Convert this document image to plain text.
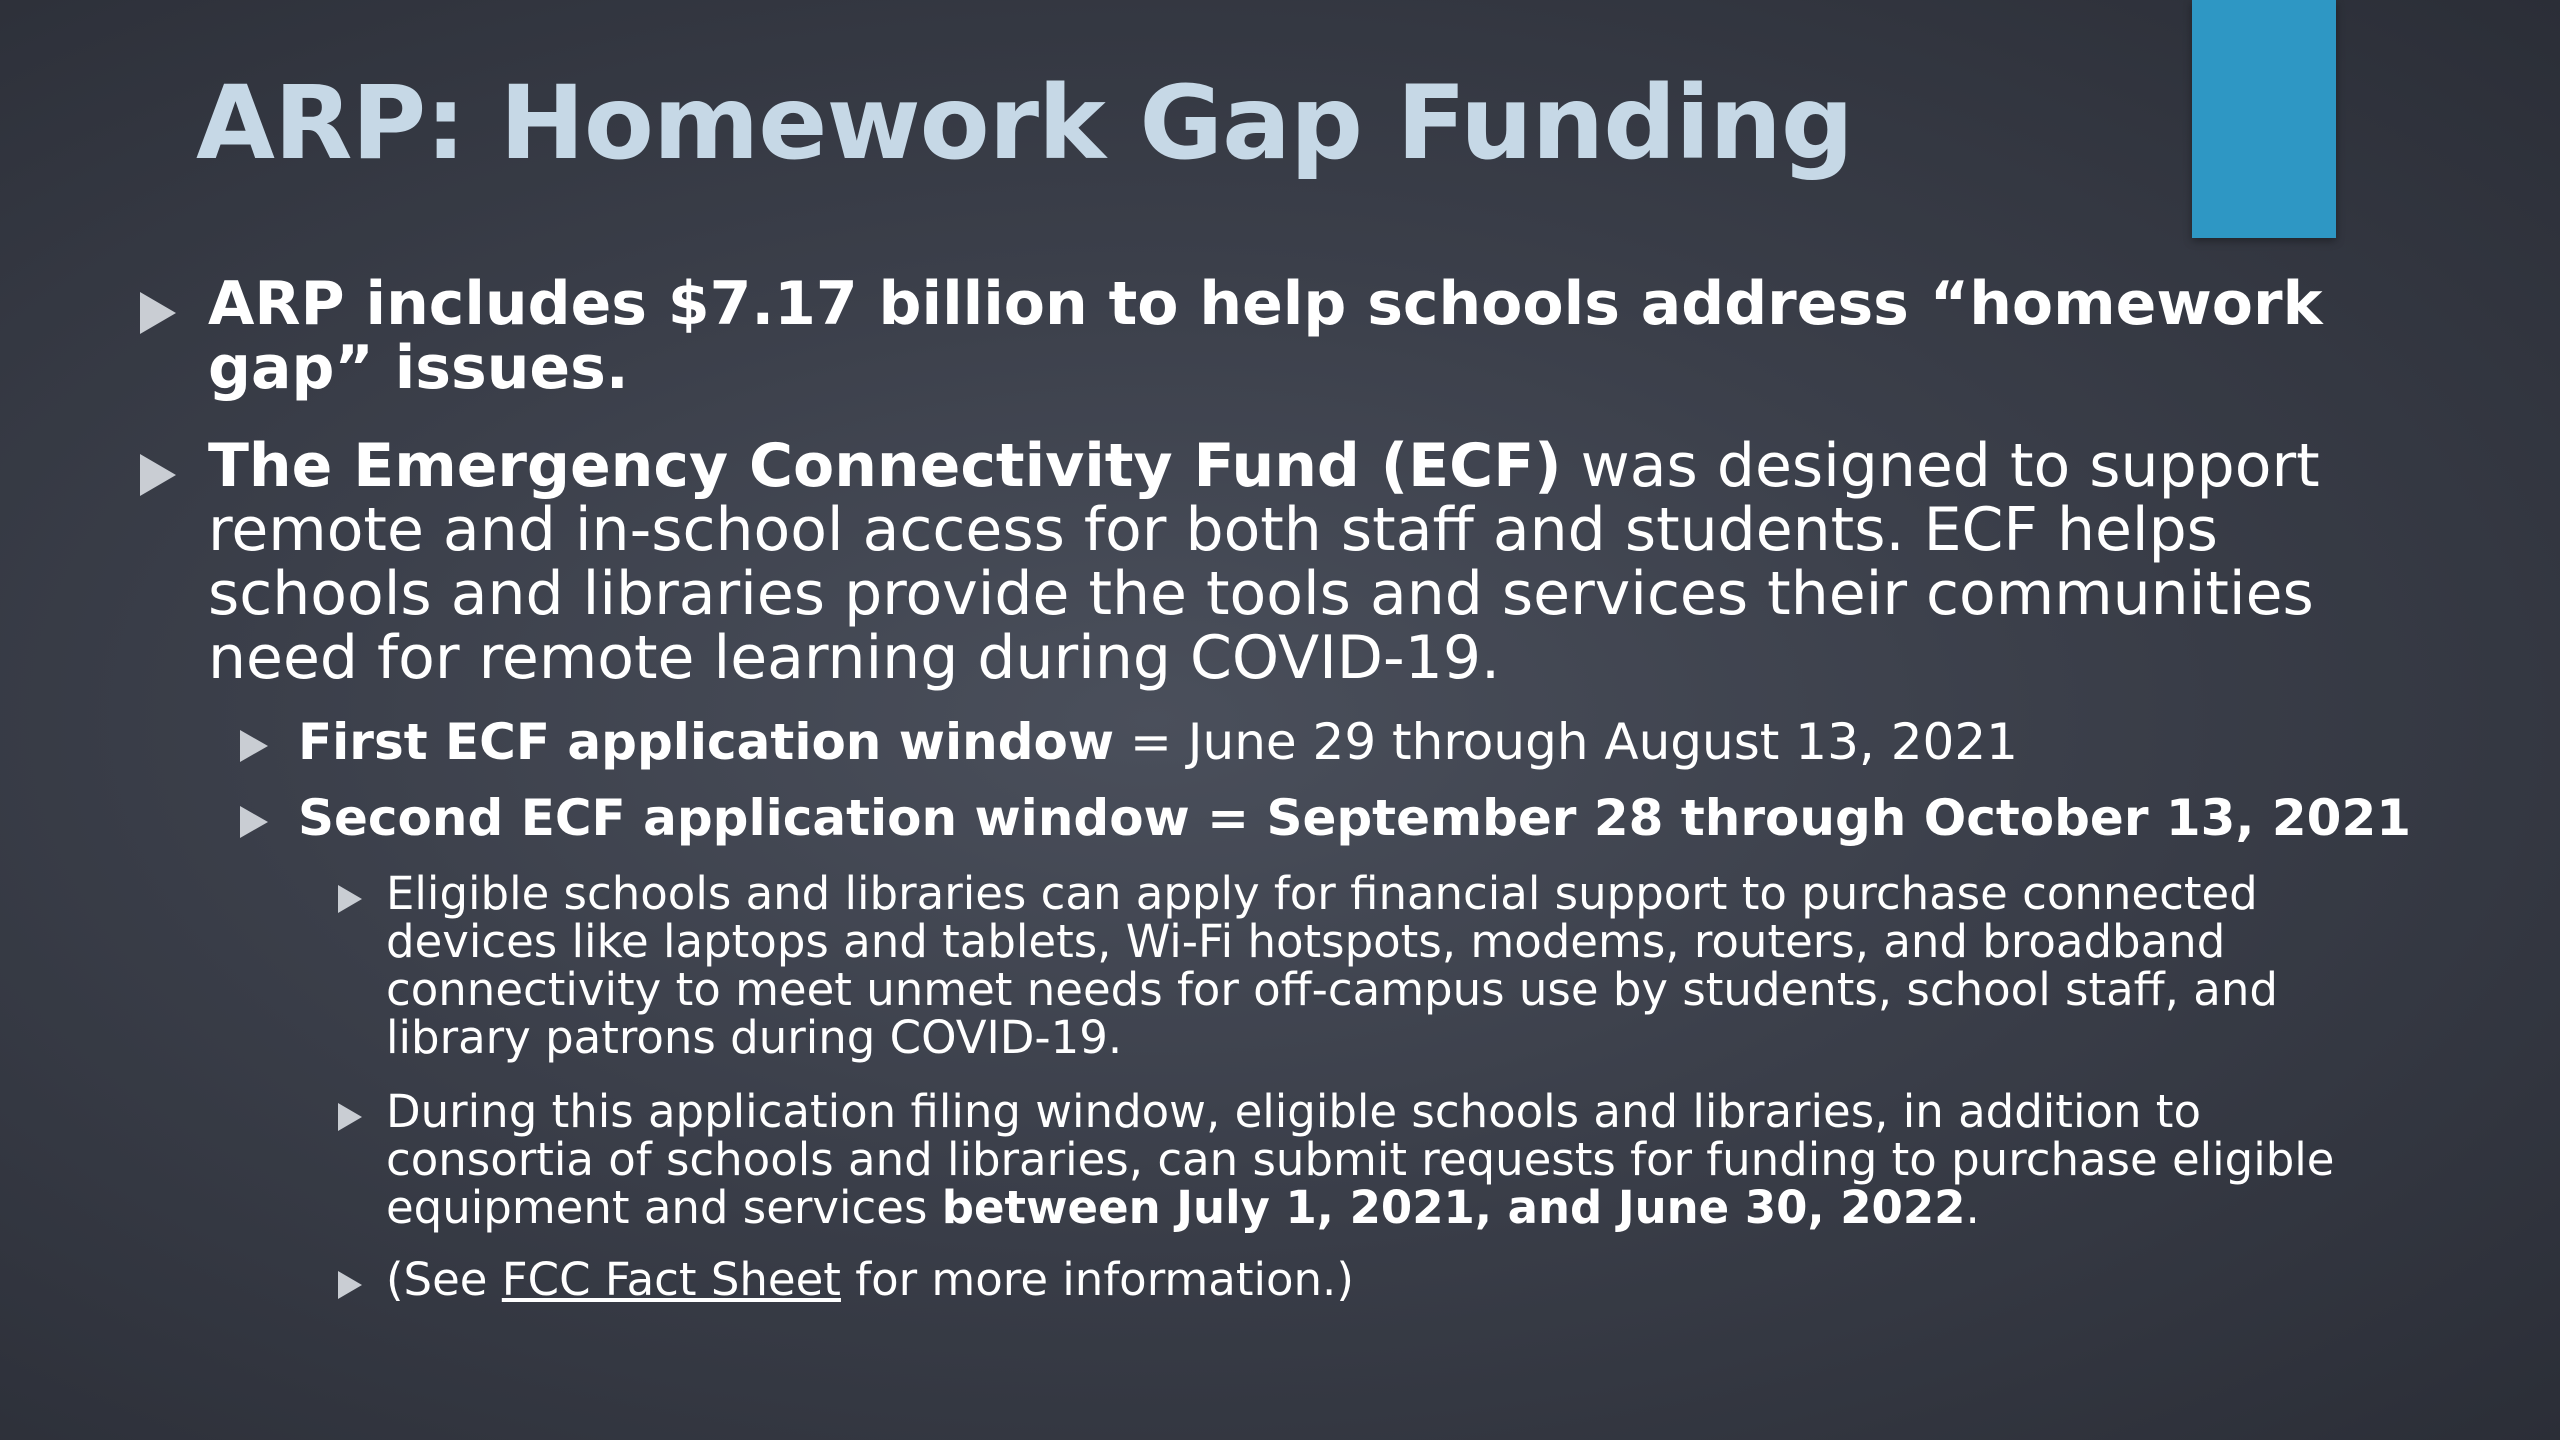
ARP: Homework Gap Funding
ARP includes $7.17 billion to help schools address “homework gap” issues.
The Emergency Connectivity Fund (ECF) was designed to support remote and in-school access for both staff and students. ECF helps schools and libraries provide the tools and services their communities need for remote learning during COVID-19.
First ECF application window = June 29 through August 13, 2021
Second ECF application window = September 28 through October 13, 2021
Eligible schools and libraries can apply for financial support to purchase connected devices like laptops and tablets, Wi-Fi hotspots, modems, routers, and broadband connectivity to meet unmet needs for off-campus use by students, school staff, and library patrons during COVID-19.
During this application filing window, eligible schools and libraries, in addition to consortia of schools and libraries, can submit requests for funding to purchase eligible equipment and services between July 1, 2021, and June 30, 2022.
(See FCC Fact Sheet for more information.)
